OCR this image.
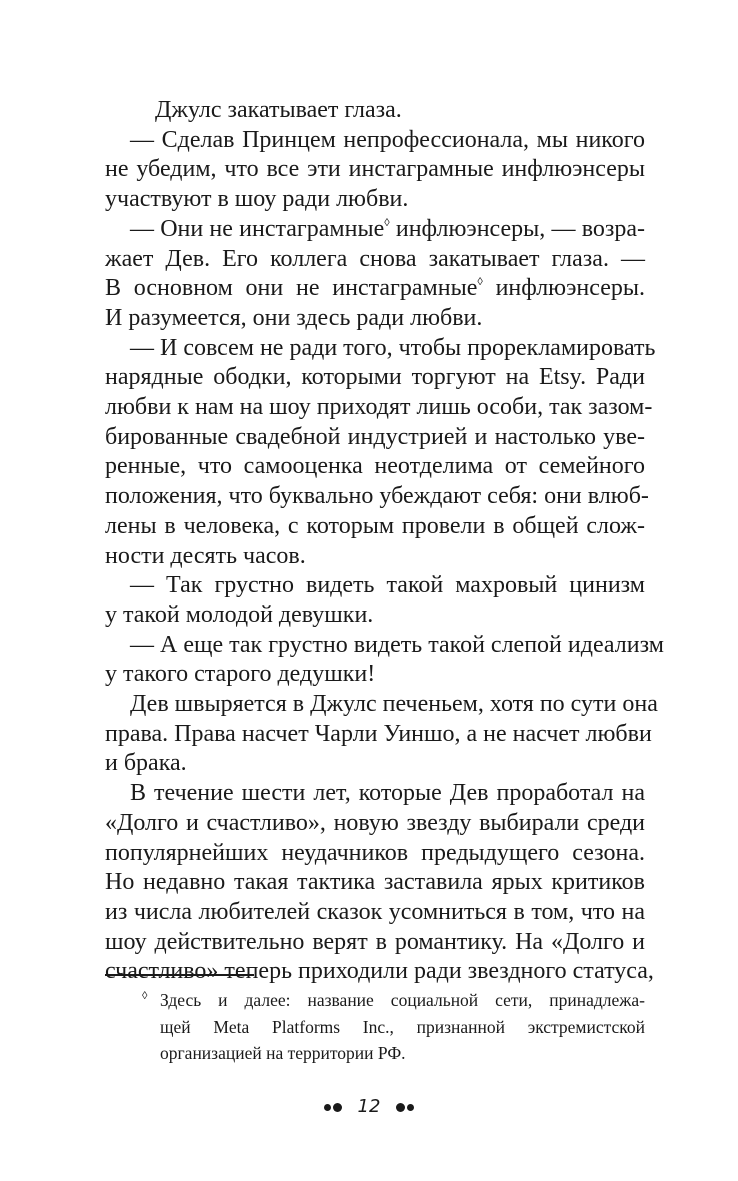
Джулс закатывает глаза.

— Сделав Принцем непрофессионала, мы никого
не убедим, что все эти инстаграмные инфлюэнсеры
участвуют в шоу ради любви.

— Они не инстаграмные◊ инфлюэнсеры, — возра-
жает Дев. Его коллега снова закатывает глаза. —
В основном они не инстаграмные◊ инфлюэнсеры.
И разумеется, они здесь ради любви.

— И совсем не ради того, чтобы прорекламировать
нарядные ободки, которыми торгуют на Etsy. Ради
любви к нам на шоу приходят лишь особи, так зазом-
бированные свадебной индустрией и настолько уве-
ренные, что самооценка неотделима от семейного
положения, что буквально убеждают себя: они влюб-
лены в человека, с которым провели в общей слож-
ности десять часов.

— Так грустно видеть такой махровый цинизм
у такой молодой девушки.

— А еще так грустно видеть такой слепой идеализм
у такого старого дедушки!

Дев швыряется в Джулс печеньем, хотя по сути она
права. Права насчет Чарли Уиншо, а не насчет любви
и брака.

В течение шести лет, которые Дев проработал на
«Долго и счастливо», новую звезду выбирали среди
популярнейших неудачников предыдущего сезона.
Но недавно такая тактика заставила ярых критиков
из числа любителей сказок усомниться в том, что на
шоу действительно верят в романтику. На «Долго и
счастливо» теперь приходили ради звездного статуса,

◊ Здесь и далее: название социальной сети, принадлежа-
щей Meta Platforms Inc., признанной экстремистской
организацией на территории РФ.
12
